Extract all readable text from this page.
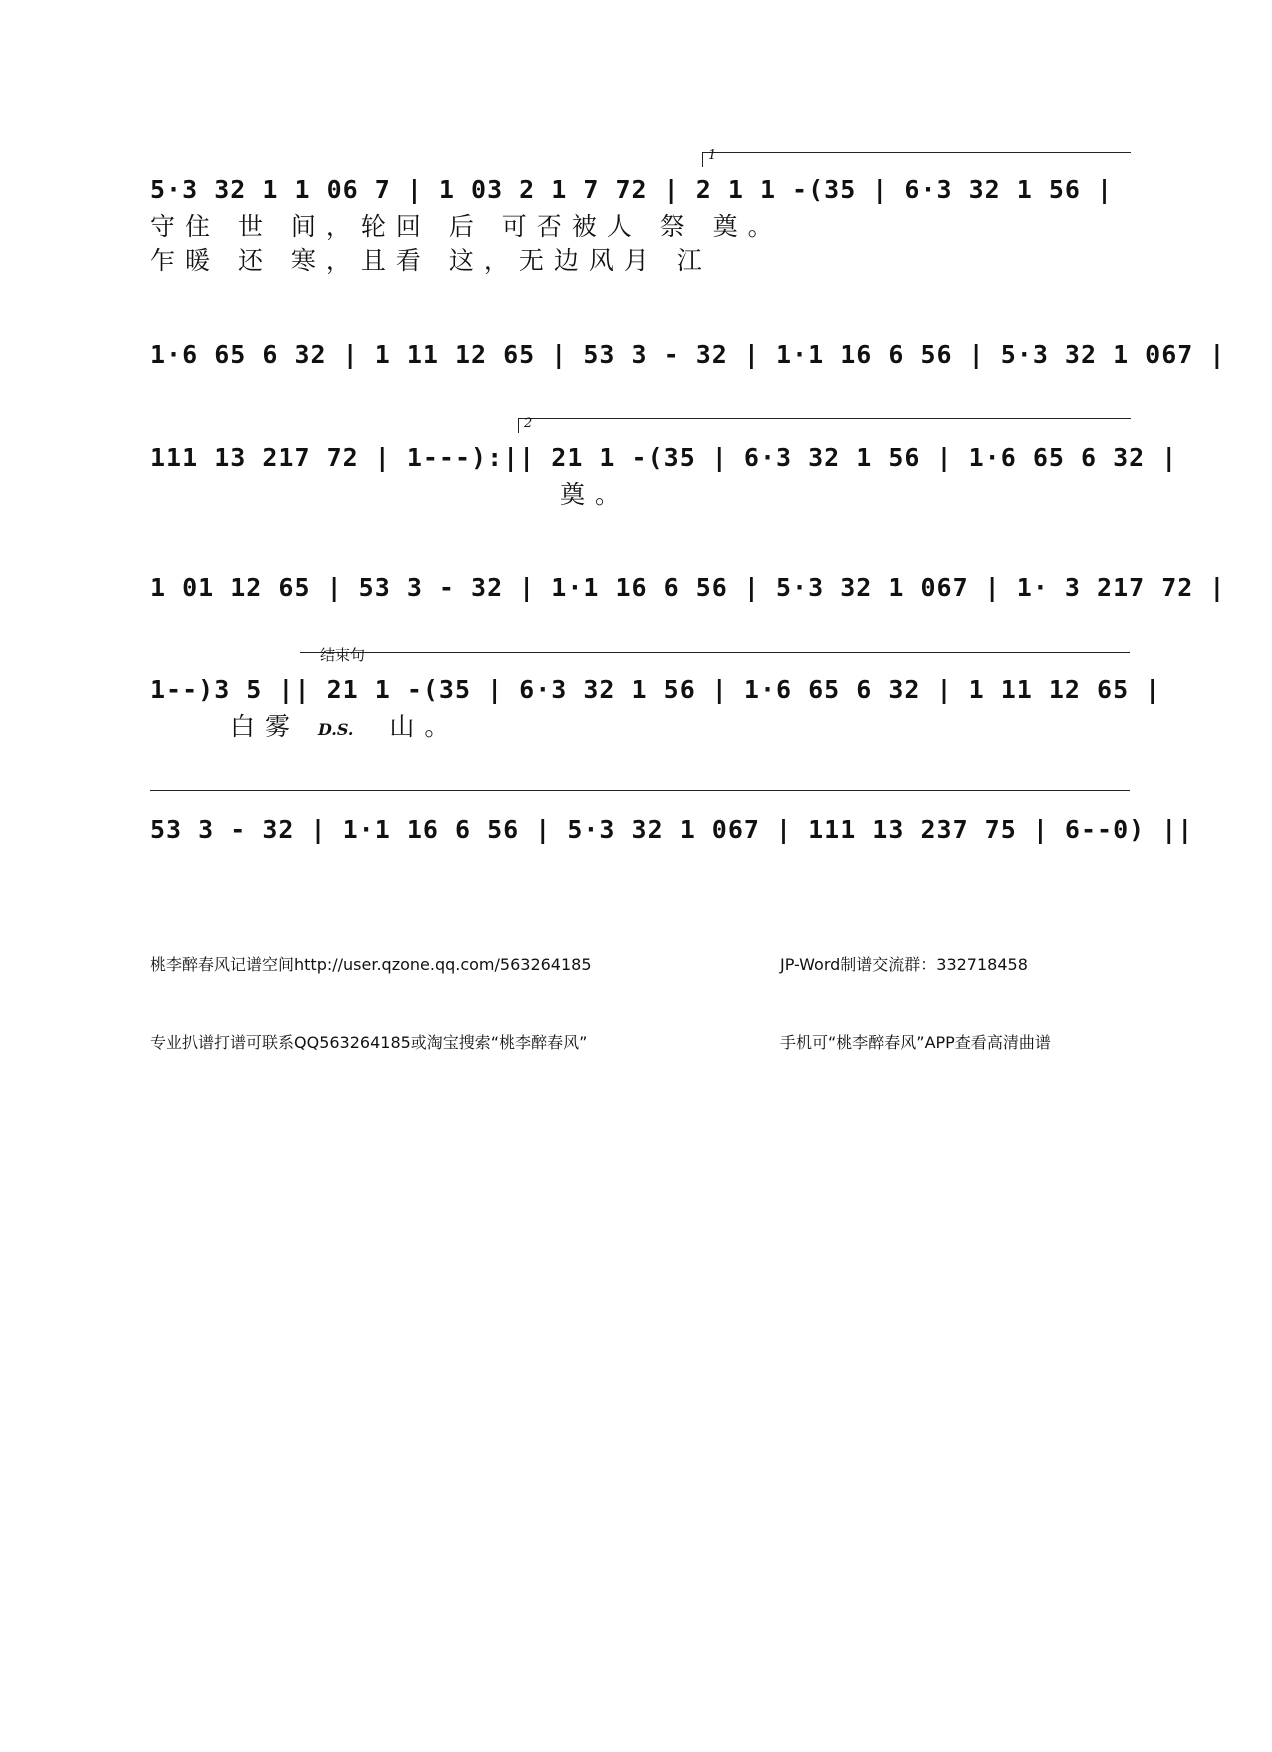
1
5·3 32 1 1 06 7 | 1 03 2 1 7 72 | 2 1 1 -(35 | 6·3 32 1 56 |
守住 世 间，轮回 后 可否被人 祭 奠。
乍暖 还 寒，且看 这，无边风月 江
1·6 65 6 32 | 1 11 12 65 | 53 3 - 32 | 1·1 16 6 56 | 5·3 32 1 067 |
2
111 13 217 72 | 1---):|| 21 1 -(35 | 6·3 32 1 56 | 1·6 65 6 32 |
奠。
1 01 12 65 | 53 3 - 32 | 1·1 16 6 56 | 5·3 32 1 067 | 1· 3 217 72 |
结束句
1--)3 5 || 21 1 -(35 | 6·3 32 1 56 | 1·6 65 6 32 | 1 11 12 65 |
白雾 D.S. 山。
53 3 - 32 | 1·1 16 6 56 | 5·3 32 1 067 | 111 13 237 75 | 6--0) ||

桃李醉春风记谱空间http://user.qzone.qq.com/563264185

专业扒谱打谱可联系QQ563264185或淘宝搜索“桃李醉春风”

JP-Word制谱交流群：332718458

手机可“桃李醉春风”APP查看高清曲谱
